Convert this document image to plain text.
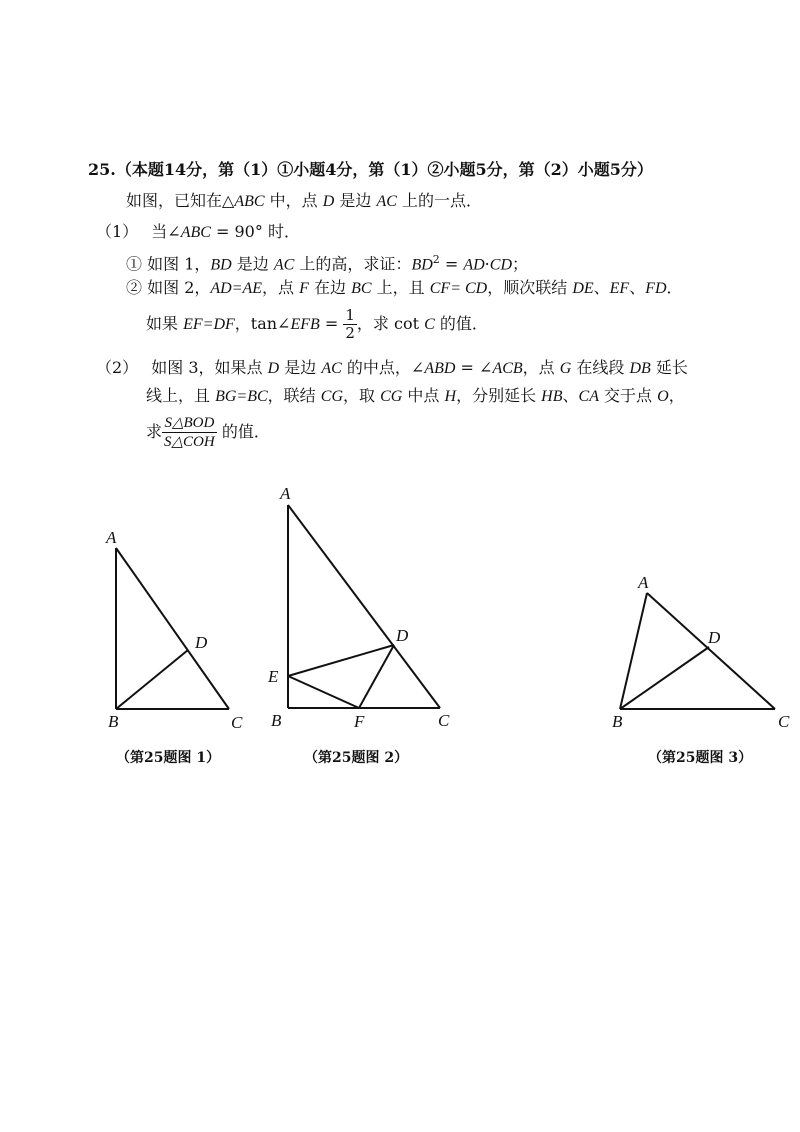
25.（本题14分，第（1）①小题4分，第（1）②小题5分，第（2）小题5分）
如图，已知在△ABC 中，点 D 是边 AC 上的一点．
（1） 当∠ABC = 90° 时．
① 如图 1，BD 是边 AC 上的高，求证：$BD^2 = AD\cdot CD$；
② 如图 2，AD=AE，点 F 在边 BC 上，且 CF= CD，顺次联结 DE、EF、FD．
如果 EF=DF，tan∠EFB = $\frac{1}{2}$ ，求 cot C 的值．
（2） 如图 3，如果点 D 是边 AC 的中点，∠ABD = ∠ACB，点 G 在线段 DB 延长
线上，且 BG=BC，联结 CG，取 CG 中点 H，分别延长 HB、CA 交于点 O，
求 $\frac{\text{S△BOD}}{\text{S△COH}}$ 的值．
A
B	C
D
A
B	C
D
E
F
A
B	C
D
（第25题图 1）	（第25题图 2）	（第25题图 3）
